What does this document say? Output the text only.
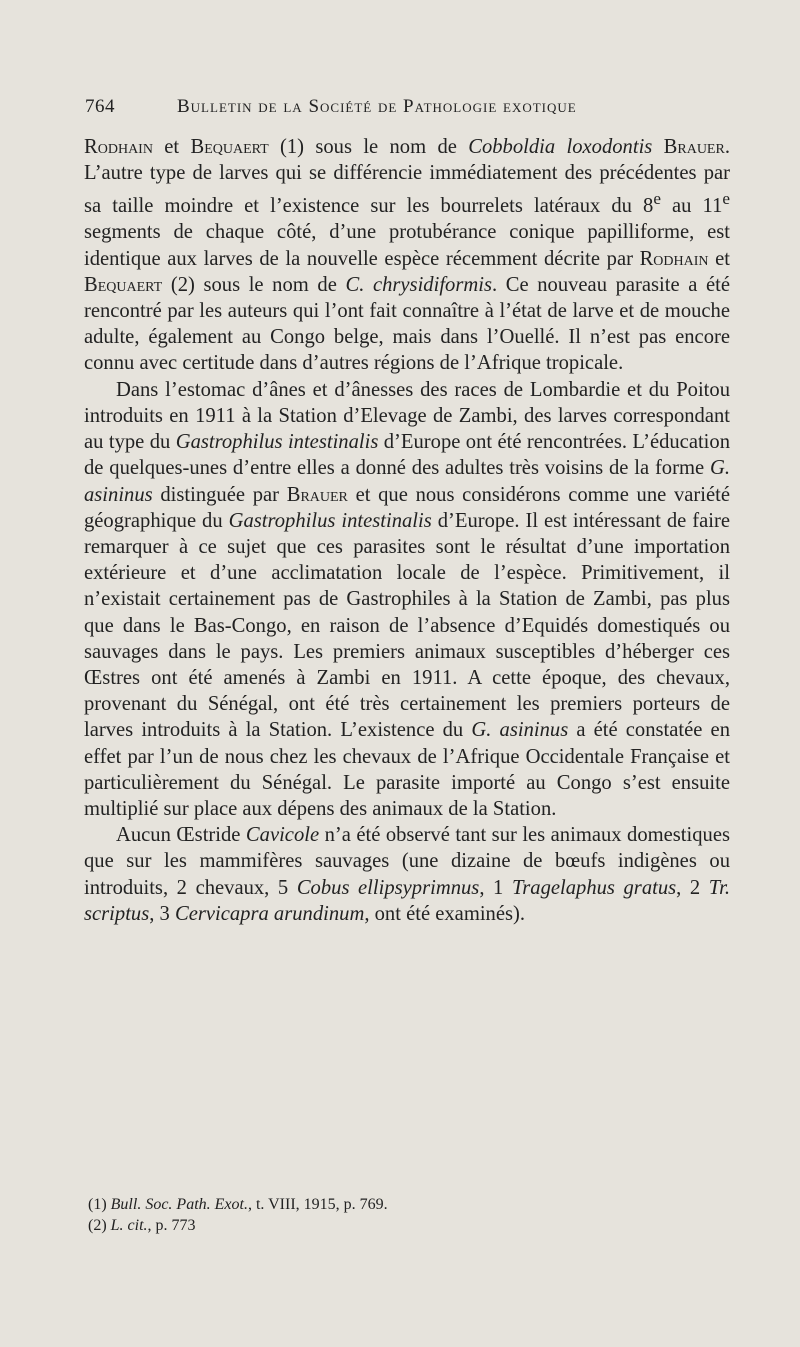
764	Bulletin de la Société de Pathologie exotique

Rodhain et Bequaert (1) sous le nom de Cobboldia loxodontis Brauer. L’autre type de larves qui se différencie immédiatement des précédentes par sa taille moindre et l’existence sur les bourrelets latéraux du 8e au 11e segments de chaque côté, d’une protubérance conique papilliforme, est identique aux larves de la nouvelle espèce récemment décrite par Rodhain et Bequaert (2) sous le nom de C. chrysidiformis. Ce nouveau parasite a été rencontré par les auteurs qui l’ont fait connaître à l’état de larve et de mouche adulte, également au Congo belge, mais dans l’Ouellé. Il n’est pas encore connu avec certitude dans d’autres régions de l’Afrique tropicale.

Dans l’estomac d’ânes et d’ânesses des races de Lombardie et du Poitou introduits en 1911 à la Station d’Elevage de Zambi, des larves correspondant au type du Gastrophilus intestinalis d’Europe ont été rencontrées. L’éducation de quelques-unes d’entre elles a donné des adultes très voisins de la forme G. asininus distinguée par Brauer et que nous considérons comme une variété géographique du Gastrophilus intestinalis d’Europe. Il est intéressant de faire remarquer à ce sujet que ces parasites sont le résultat d’une importation extérieure et d’une acclimatation locale de l’espèce. Primitivement, il n’existait certainement pas de Gastrophiles à la Station de Zambi, pas plus que dans le Bas-Congo, en raison de l’absence d’Equidés domestiqués ou sauvages dans le pays. Les premiers animaux susceptibles d’héberger ces Œstres ont été amenés à Zambi en 1911. A cette époque, des chevaux, provenant du Sénégal, ont été très certainement les premiers porteurs de larves introduits à la Station. L’existence du G. asininus a été constatée en effet par l’un de nous chez les chevaux de l’Afrique Occidentale Française et particulièrement du Sénégal. Le parasite importé au Congo s’est ensuite multiplié sur place aux dépens des animaux de la Station.

Aucun Œstride Cavicole n’a été observé tant sur les animaux domestiques que sur les mammifères sauvages (une dizaine de bœufs indigènes ou introduits, 2 chevaux, 5 Cobus ellipsyprimnus, 1 Tragelaphus gratus, 2 Tr. scriptus, 3 Cervicapra arundinum, ont été examinés).

(1) Bull. Soc. Path. Exot., t. VIII, 1915, p. 769.
(2) L. cit., p. 773
